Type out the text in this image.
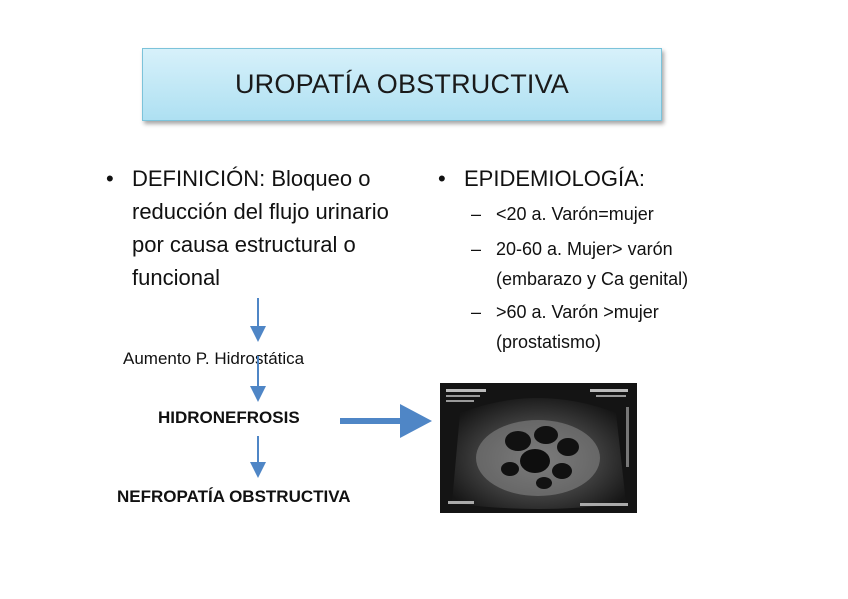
UROPATÍA OBSTRUCTIVA
• DEFINICIÓN: Bloqueo o reducción del flujo urinario por causa estructural o funcional
• EPIDEMIOLOGÍA:
– <20 a. Varón=mujer
– 20-60 a. Mujer> varón
(embarazo y Ca genital)
– >60 a. Varón >mujer
(prostatismo)
Aumento P. Hidrostática
HIDRONEFROSIS
NEFROPATÍA OBSTRUCTIVA
